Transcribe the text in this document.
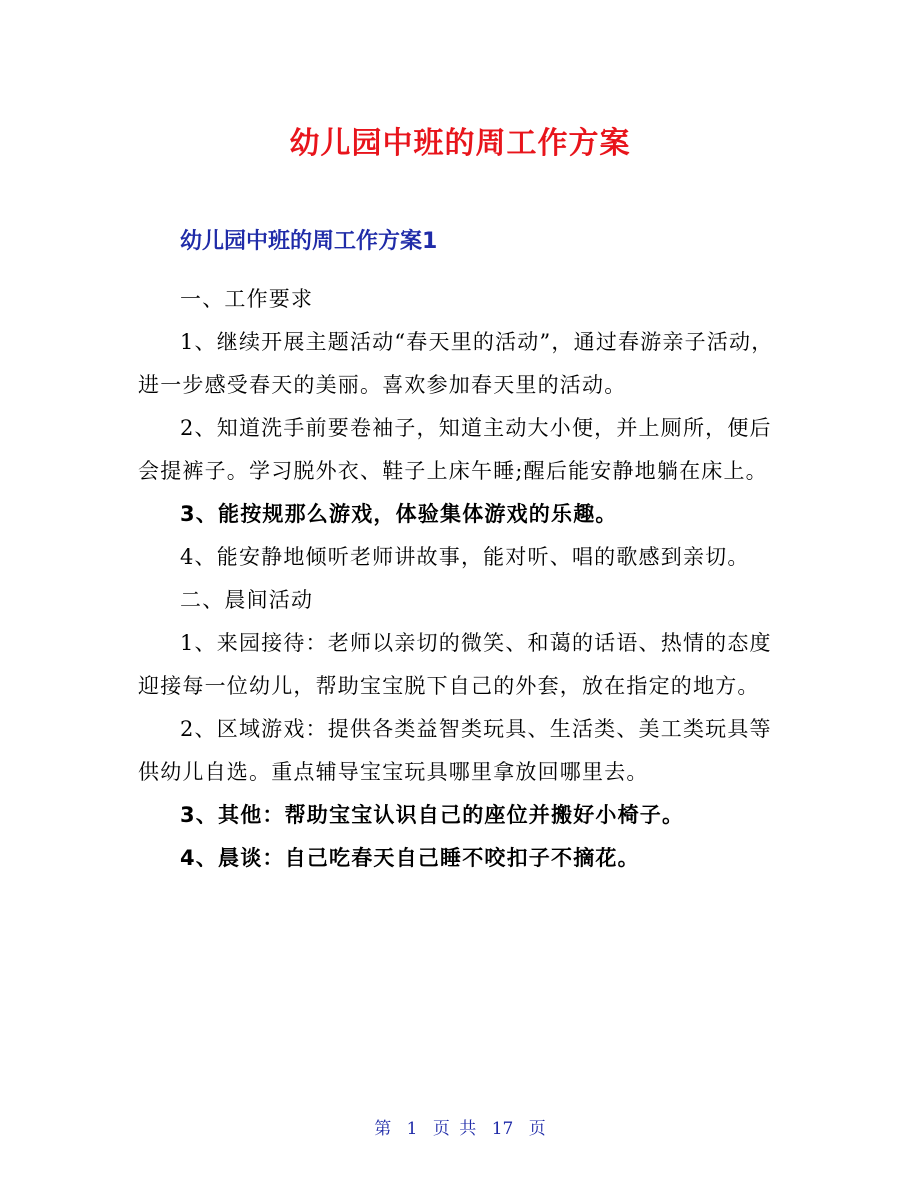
幼儿园中班的周工作方案
幼儿园中班的周工作方案1

一、工作要求

1、继续开展主题活动“春天里的活动”，通过春游亲子活动，进一步感受春天的美丽。喜欢参加春天里的活动。

2、知道洗手前要卷袖子，知道主动大小便，并上厕所，便后会提裤子。学习脱外衣、鞋子上床午睡;醒后能安静地躺在床上。

3、能按规那么游戏，体验集体游戏的乐趣。

4、能安静地倾听老师讲故事，能对听、唱的歌感到亲切。

二、晨间活动

1、来园接待：老师以亲切的微笑、和蔼的话语、热情的态度迎接每一位幼儿，帮助宝宝脱下自己的外套，放在指定的地方。

2、区域游戏：提供各类益智类玩具、生活类、美工类玩具等供幼儿自选。重点辅导宝宝玩具哪里拿放回哪里去。

3、其他：帮助宝宝认识自己的座位并搬好小椅子。

4、晨谈：自己吃春天自己睡不咬扣子不摘花。

第 1 页 共 17 页
